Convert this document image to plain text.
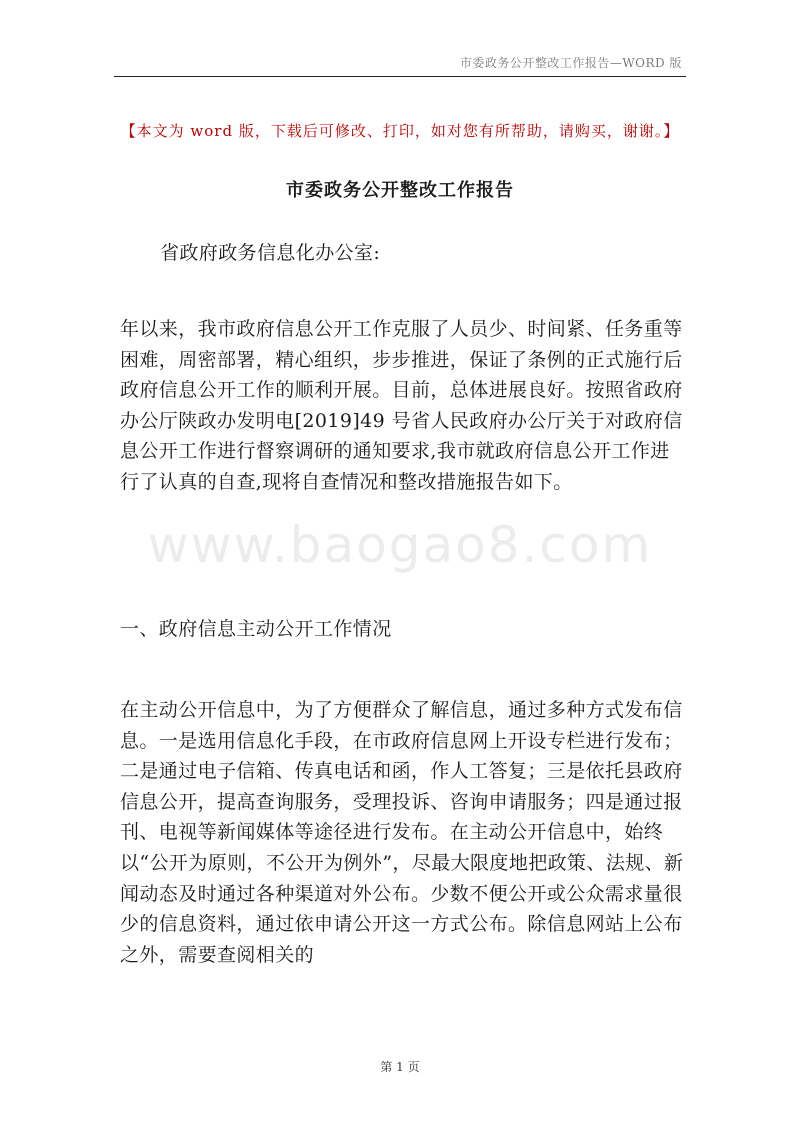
市委政务公开整改工作报告—WORD 版
【本文为 word 版，下载后可修改、打印，如对您有所帮助，请购买，谢谢。】
市委政务公开整改工作报告

省政府政务信息化办公室:

年以来，我市政府信息公开工作克服了人员少、时间紧、任务重等困难，周密部署，精心组织，步步推进，保证了条例的正式施行后政府信息公开工作的顺利开展。目前，总体进展良好。按照省政府办公厅陕政办发明电[2019]49 号省人民政府办公厅关于对政府信息公开工作进行督察调研的通知要求,我市就政府信息公开工作进行了认真的自查,现将自查情况和整改措施报告如下。

www.baogao8.com

一、政府信息主动公开工作情况

在主动公开信息中，为了方便群众了解信息，通过多种方式发布信息。一是选用信息化手段，在市政府信息网上开设专栏进行发布；二是通过电子信箱、传真电话和函，作人工答复；三是依托县政府信息公开，提高查询服务，受理投诉、咨询申请服务；四是通过报刊、电视等新闻媒体等途径进行发布。在主动公开信息中，始终以“公开为原则，不公开为例外”，尽最大限度地把政策、法规、新闻动态及时通过各种渠道对外公布。少数不便公开或公众需求量很少的信息资料，通过依申请公开这一方式公布。除信息网站上公布之外，需要查阅相关的

第 1 页
